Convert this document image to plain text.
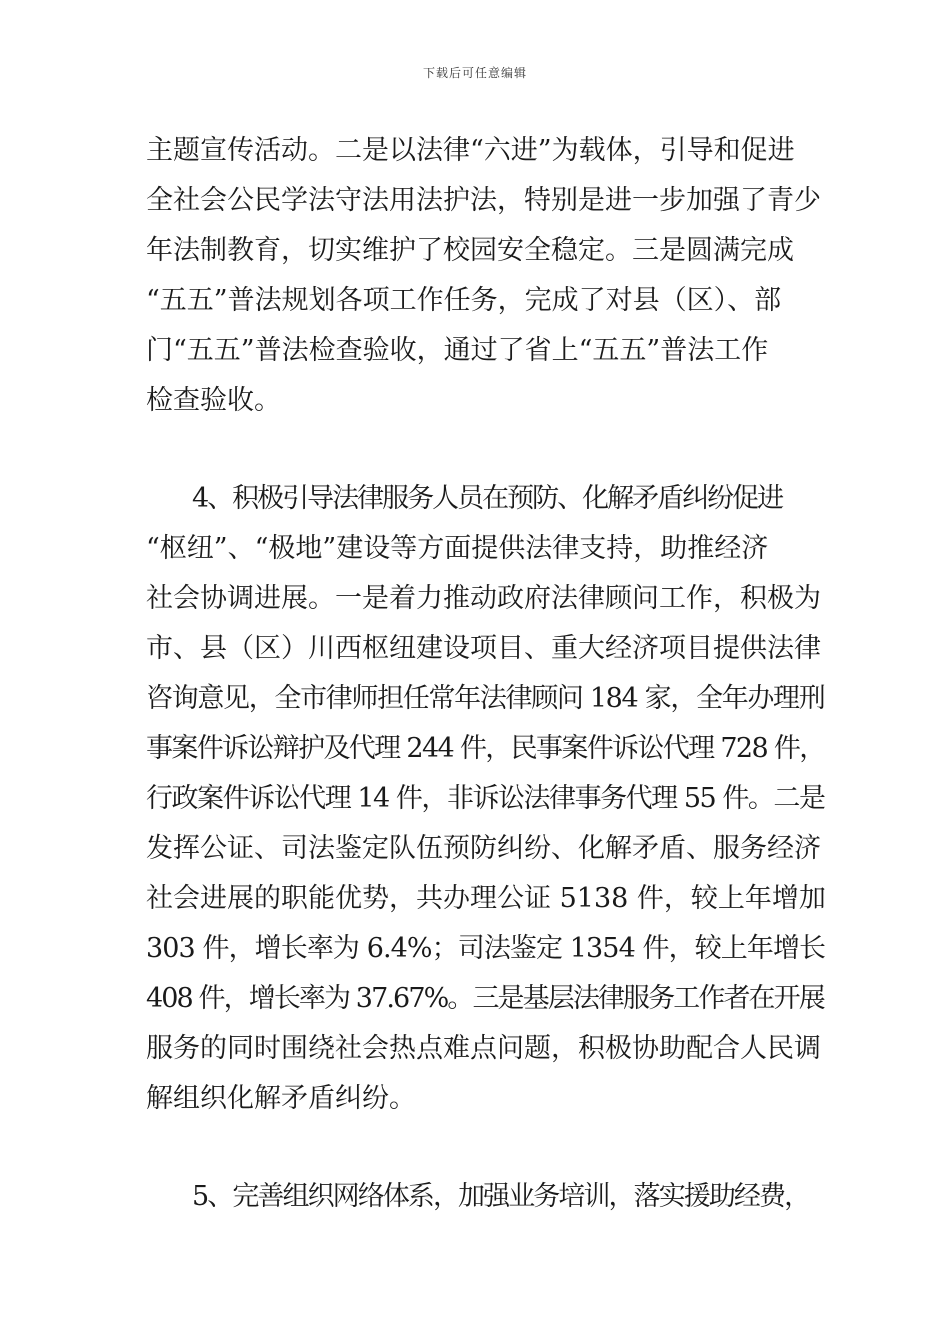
下载后可任意编辑
主题宣传活动。二是以法律“六进”为载体，引导和促进
全社会公民学法守法用法护法，特别是进一步加强了青少
年法制教育，切实维护了校园安全稳定。三是圆满完成
“五五”普法规划各项工作任务，完成了对县（区）、部
门“五五”普法检查验收，通过了省上“五五”普法工作
检查验收。
4、积极引导法律服务人员在预防、化解矛盾纠纷促进
“枢纽”、“极地”建设等方面提供法律支持，助推经济
社会协调进展。一是着力推动政府法律顾问工作，积极为
市、县（区）川西枢纽建设项目、重大经济项目提供法律
咨询意见，全市律师担任常年法律顾问 184 家，全年办理刑
事案件诉讼辩护及代理 244 件，民事案件诉讼代理 728 件，
行政案件诉讼代理 14 件，非诉讼法律事务代理 55 件。二是
发挥公证、司法鉴定队伍预防纠纷、化解矛盾、服务经济
社会进展的职能优势，共办理公证 5138 件，较上年增加
303 件，增长率为 6.4%；司法鉴定 1354 件，较上年增长
408 件，增长率为 37.67%。三是基层法律服务工作者在开展
服务的同时围绕社会热点难点问题，积极协助配合人民调
解组织化解矛盾纠纷。
5、完善组织网络体系，加强业务培训，落实援助经费，
